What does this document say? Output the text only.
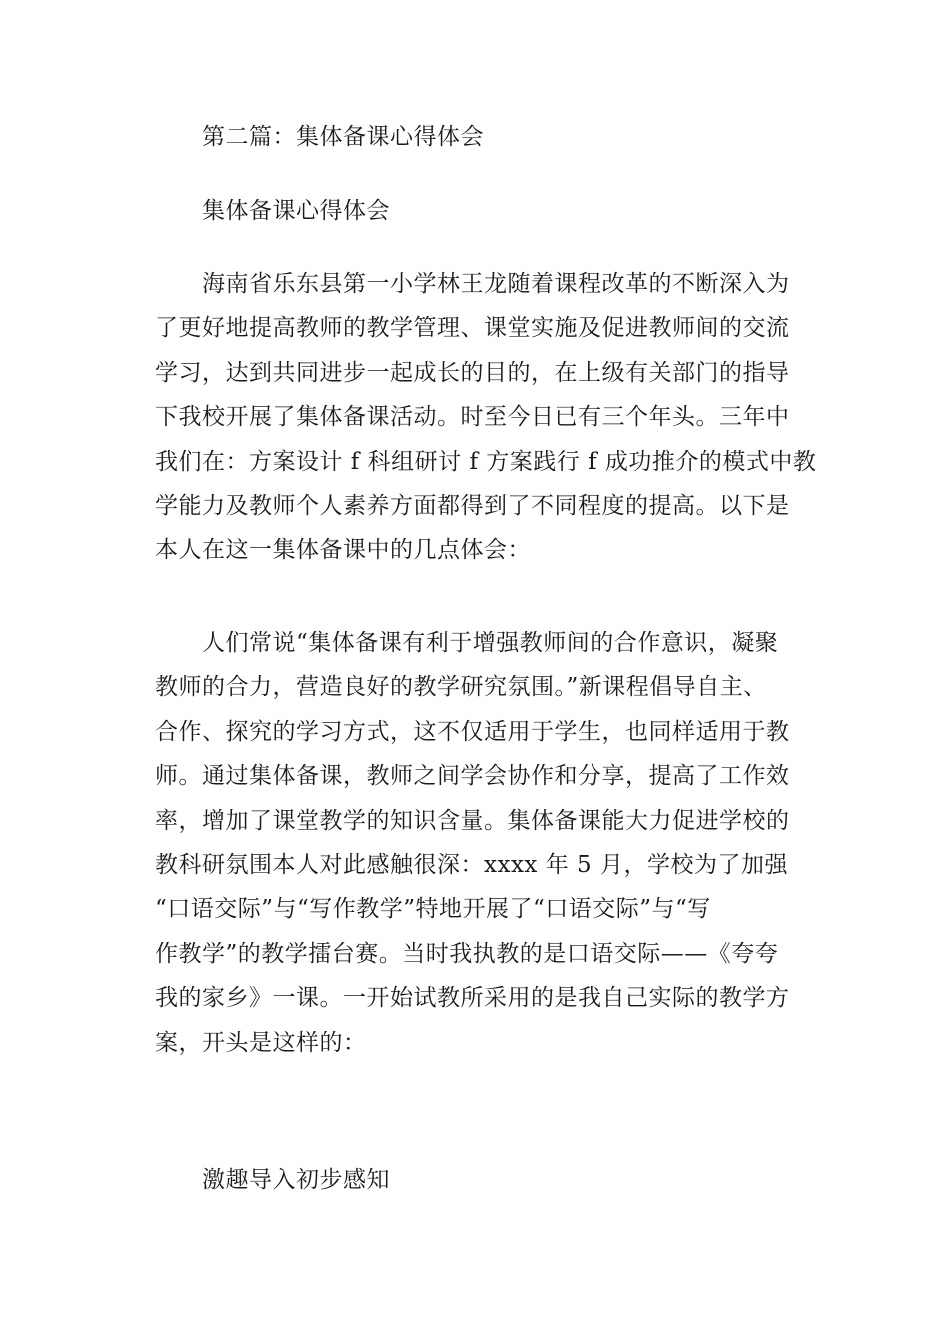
第二篇：集体备课心得体会

集体备课心得体会

海南省乐东县第一小学林王龙随着课程改革的不断深入为
了更好地提高教师的教学管理、课堂实施及促进教师间的交流
学习，达到共同进步一起成长的目的，在上级有关部门的指导
下我校开展了集体备课活动。时至今日已有三个年头。三年中
我们在：方案设计 f 科组研讨 f 方案践行 f 成功推介的模式中教
学能力及教师个人素养方面都得到了不同程度的提高。以下是
本人在这一集体备课中的几点体会：

人们常说“集体备课有利于增强教师间的合作意识，凝聚
教师的合力，营造良好的教学研究氛围。”新课程倡导自主、
合作、探究的学习方式，这不仅适用于学生，也同样适用于教
师。通过集体备课，教师之间学会协作和分享，提高了工作效
率，增加了课堂教学的知识含量。集体备课能大力促进学校的
教科研氛围本人对此感触很深：xxxx 年 5 月，学校为了加强
“口语交际”与“写作教学”特地开展了“口语交际”与“写
作教学”的教学擂台赛。当时我执教的是口语交际——《夸夸
我的家乡》一课。一开始试教所采用的是我自己实际的教学方
案，开头是这样的：

激趣导入初步感知
